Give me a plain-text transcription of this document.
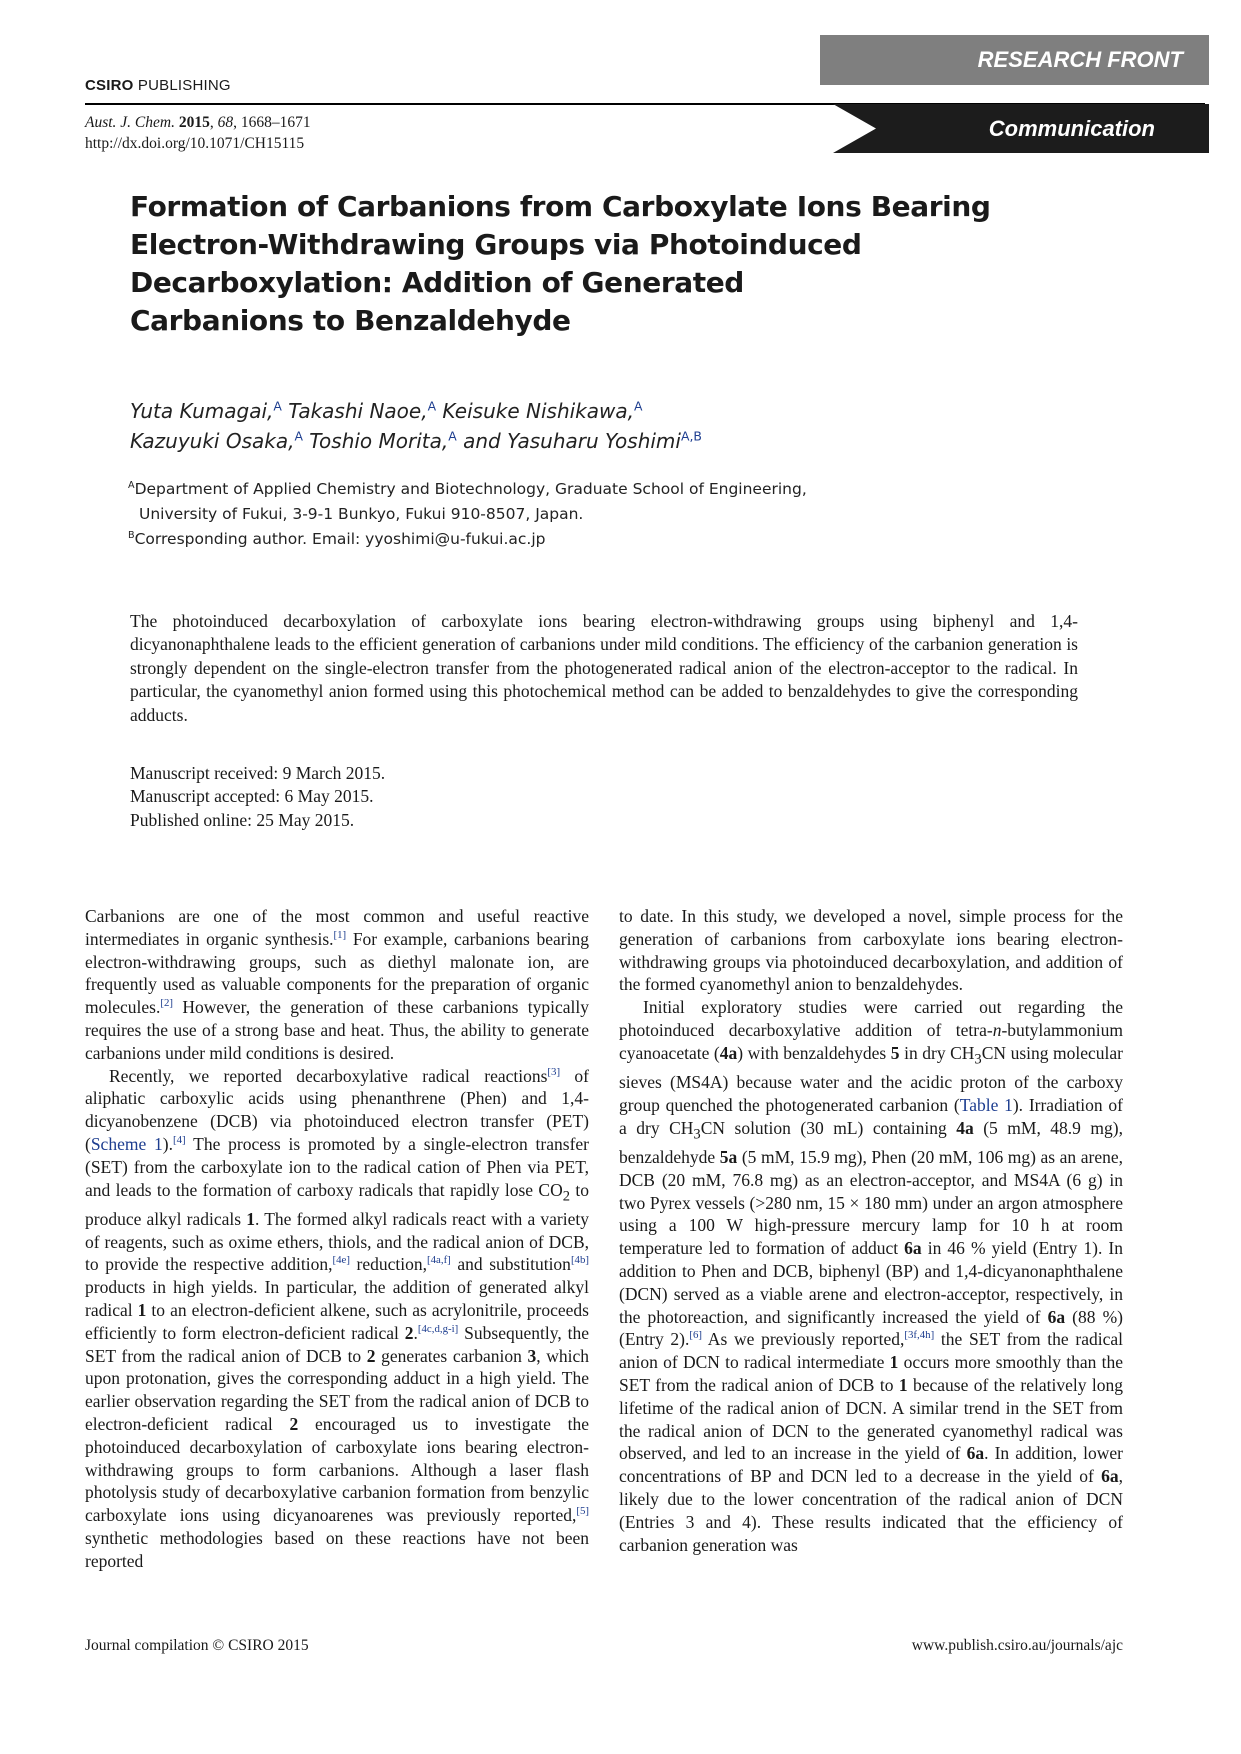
CSIRO PUBLISHING
RESEARCH FRONT
Communication
Aust. J. Chem. 2015, 68, 1668–1671
http://dx.doi.org/10.1071/CH15115
Formation of Carbanions from Carboxylate Ions Bearing
Electron-Withdrawing Groups via Photoinduced
Decarboxylation: Addition of Generated
Carbanions to Benzaldehyde
Yuta Kumagai,$^A$ Takashi Naoe,$^A$ Keisuke Nishikawa,$^A$
Kazuyuki Osaka,$^A$ Toshio Morita,$^A$ and Yasuharu Yoshimi$^{A,B}$
$^A$Department of Applied Chemistry and Biotechnology, Graduate School of Engineering,
University of Fukui, 3-9-1 Bunkyo, Fukui 910-8507, Japan.
$^B$Corresponding author. Email: yyoshimi@u-fukui.ac.jp
The photoinduced decarboxylation of carboxylate ions bearing electron-withdrawing groups using biphenyl and 1,4-dicyanonaphthalene leads to the efficient generation of carbanions under mild conditions. The efficiency of the carbanion generation is strongly dependent on the single-electron transfer from the photogenerated radical anion of the electron-acceptor to the radical. In particular, the cyanomethyl anion formed using this photochemical method can be added to benzaldehydes to give the corresponding adducts.
Manuscript received: 9 March 2015.
Manuscript accepted: 6 May 2015.
Published online: 25 May 2015.

Carbanions are one of the most common and useful reactive intermediates in organic synthesis.[1] For example, carbanions bearing electron-withdrawing groups, such as diethyl malonate ion, are frequently used as valuable components for the preparation of organic molecules.[2] However, the generation of these carbanions typically requires the use of a strong base and heat. Thus, the ability to generate carbanions under mild conditions is desired.

Recently, we reported decarboxylative radical reactions[3] of aliphatic carboxylic acids using phenanthrene (Phen) and 1,4-dicyanobenzene (DCB) via photoinduced electron transfer (PET) (Scheme 1).[4] The process is promoted by a single-electron transfer (SET) from the carboxylate ion to the radical cation of Phen via PET, and leads to the formation of carboxy radicals that rapidly lose $CO_2$ to produce alkyl radicals 1. The formed alkyl radicals react with a variety of reagents, such as oxime ethers, thiols, and the radical anion of DCB, to provide the respective addition,[4e] reduction,[4a,f] and substitution[4b] products in high yields. In particular, the addition of generated alkyl radical 1 to an electron-deficient alkene, such as acrylonitrile, proceeds efficiently to form electron-deficient radical 2.[4c,d,g-i] Subsequently, the SET from the radical anion of DCB to 2 generates carbanion 3, which upon protonation, gives the corresponding adduct in a high yield. The earlier observation regarding the SET from the radical anion of DCB to electron-deficient radical 2 encouraged us to investigate the photoinduced decarboxylation of carboxylate ions bearing electron-withdrawing groups to form carbanions. Although a laser flash photolysis study of decarboxylative carbanion formation from benzylic carboxylate ions using dicyanoarenes was previously reported,[5] synthetic methodologies based on these reactions have not been reported

to date. In this study, we developed a novel, simple process for the generation of carbanions from carboxylate ions bearing electron-withdrawing groups via photoinduced decarboxylation, and addition of the formed cyanomethyl anion to benzaldehydes.

Initial exploratory studies were carried out regarding the photoinduced decarboxylative addition of tetra-n-butylammonium cyanoacetate (4a) with benzaldehydes 5 in dry $CH_3CN$ using molecular sieves (MS4A) because water and the acidic proton of the carboxy group quenched the photogenerated carbanion (Table 1). Irradiation of a dry $CH_3CN$ solution (30 mL) containing 4a (5 mM, 48.9 mg), benzaldehyde 5a (5 mM, 15.9 mg), Phen (20 mM, 106 mg) as an arene, DCB (20 mM, 76.8 mg) as an electron-acceptor, and MS4A (6 g) in two Pyrex vessels (>280 nm, 15 × 180 mm) under an argon atmosphere using a 100 W high-pressure mercury lamp for 10 h at room temperature led to formation of adduct 6a in 46 % yield (Entry 1). In addition to Phen and DCB, biphenyl (BP) and 1,4-dicyanonaphthalene (DCN) served as a viable arene and electron-acceptor, respectively, in the photoreaction, and significantly increased the yield of 6a (88 %) (Entry 2).[6] As we previously reported,[3f,4h] the SET from the radical anion of DCN to radical intermediate 1 occurs more smoothly than the SET from the radical anion of DCB to 1 because of the relatively long lifetime of the radical anion of DCN. A similar trend in the SET from the radical anion of DCN to the generated cyanomethyl radical was observed, and led to an increase in the yield of 6a. In addition, lower concentrations of BP and DCN led to a decrease in the yield of 6a, likely due to the lower concentration of the radical anion of DCN (Entries 3 and 4). These results indicated that the efficiency of carbanion generation was

Journal compilation © CSIRO 2015	www.publish.csiro.au/journals/ajc
